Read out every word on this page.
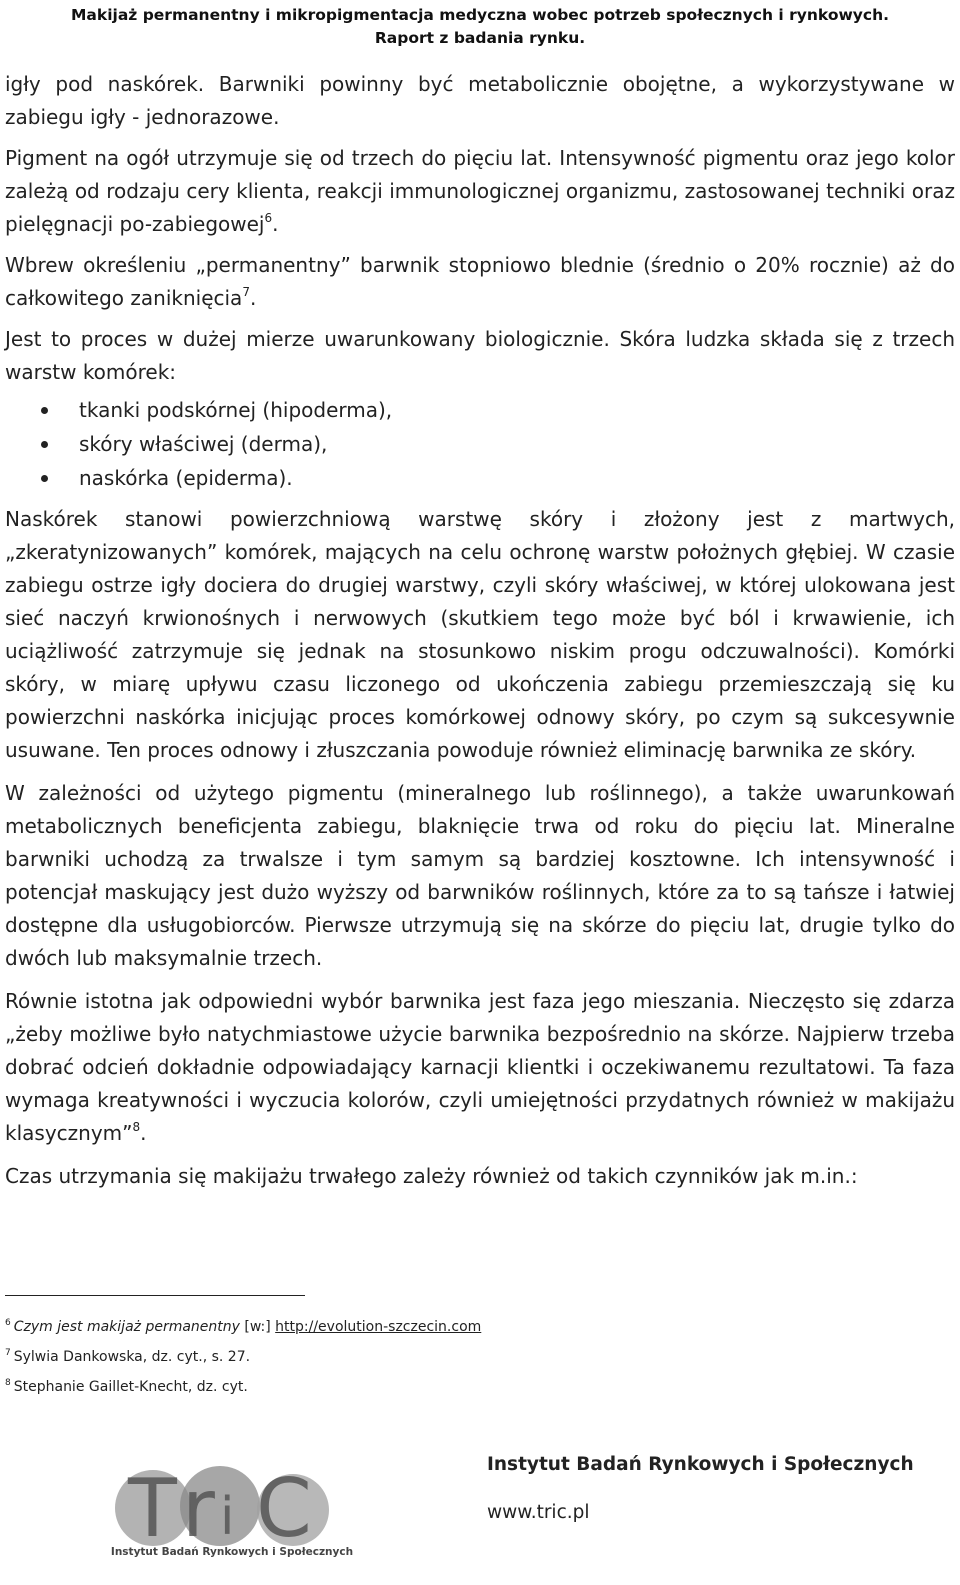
Makijaż permanentny i mikropigmentacja medyczna wobec potrzeb społecznych i rynkowych.
Raport z badania rynku.

igły pod naskórek. Barwniki powinny być metabolicznie obojętne, a wykorzystywane w zabiegu igły - jednorazowe.

Pigment na ogół utrzymuje się od trzech do pięciu lat. Intensywność pigmentu oraz jego kolor zależą od rodzaju cery klienta, reakcji immunologicznej organizmu, zastosowanej techniki oraz pielęgnacji po-zabiegowej$^6$.

Wbrew określeniu „permanentny” barwnik stopniowo blednie (średnio o 20% rocznie) aż do całkowitego zaniknięcia$^7$.

Jest to proces w dużej mierze uwarunkowany biologicznie. Skóra ludzka składa się z trzech warstw komórek:

tkanki podskórnej (hipoderma),
skóry właściwej (derma),
naskórka (epiderma).

Naskórek stanowi powierzchniową warstwę skóry i złożony jest z martwych, „zkeratynizowanych” komórek, mających na celu ochronę warstw położnych głębiej. W czasie zabiegu ostrze igły dociera do drugiej warstwy, czyli skóry właściwej, w której ulokowana jest sieć naczyń krwionośnych i nerwowych (skutkiem tego może być ból i krwawienie, ich uciążliwość zatrzymuje się jednak na stosunkowo niskim progu odczuwalności). Komórki skóry, w miarę upływu czasu liczonego od ukończenia zabiegu przemieszczają się ku powierzchni naskórka inicjując proces komórkowej odnowy skóry, po czym są sukcesywnie usuwane. Ten proces odnowy i złuszczania powoduje również eliminację barwnika ze skóry.

W zależności od użytego pigmentu (mineralnego lub roślinnego), a także uwarunkowań metabolicznych beneficjenta zabiegu, blaknięcie trwa od roku do pięciu lat. Mineralne barwniki uchodzą za trwalsze i tym samym są bardziej kosztowne. Ich intensywność i potencjał maskujący jest dużo wyższy od barwników roślinnych, które za to są tańsze i łatwiej dostępne dla usługobiorców. Pierwsze utrzymują się na skórze do pięciu lat, drugie tylko do dwóch lub maksymalnie trzech.

Równie istotna jak odpowiedni wybór barwnika jest faza jego mieszania. Nieczęsto się zdarza „żeby możliwe było natychmiastowe użycie barwnika bezpośrednio na skórze. Najpierw trzeba dobrać odcień dokładnie odpowiadający karnacji klientki i oczekiwanemu rezultatowi. Ta faza wymaga kreatywności i wyczucia kolorów, czyli umiejętności przydatnych również w makijażu klasycznym”$^8$.

Czas utrzymania się makijażu trwałego zależy również od takich czynników jak m.in.:

$^6$ Czym jest makijaż permanentny [w:] http://evolution-szczecin.com
$^7$ Sylwia Dankowska, dz. cyt., s. 27.
$^8$ Stephanie Gaillet-Knecht, dz. cyt.
T r i C
Instytut Badań Rynkowych i Społecznych
Instytut Badań Rynkowych i Społecznych
www.tric.pl
